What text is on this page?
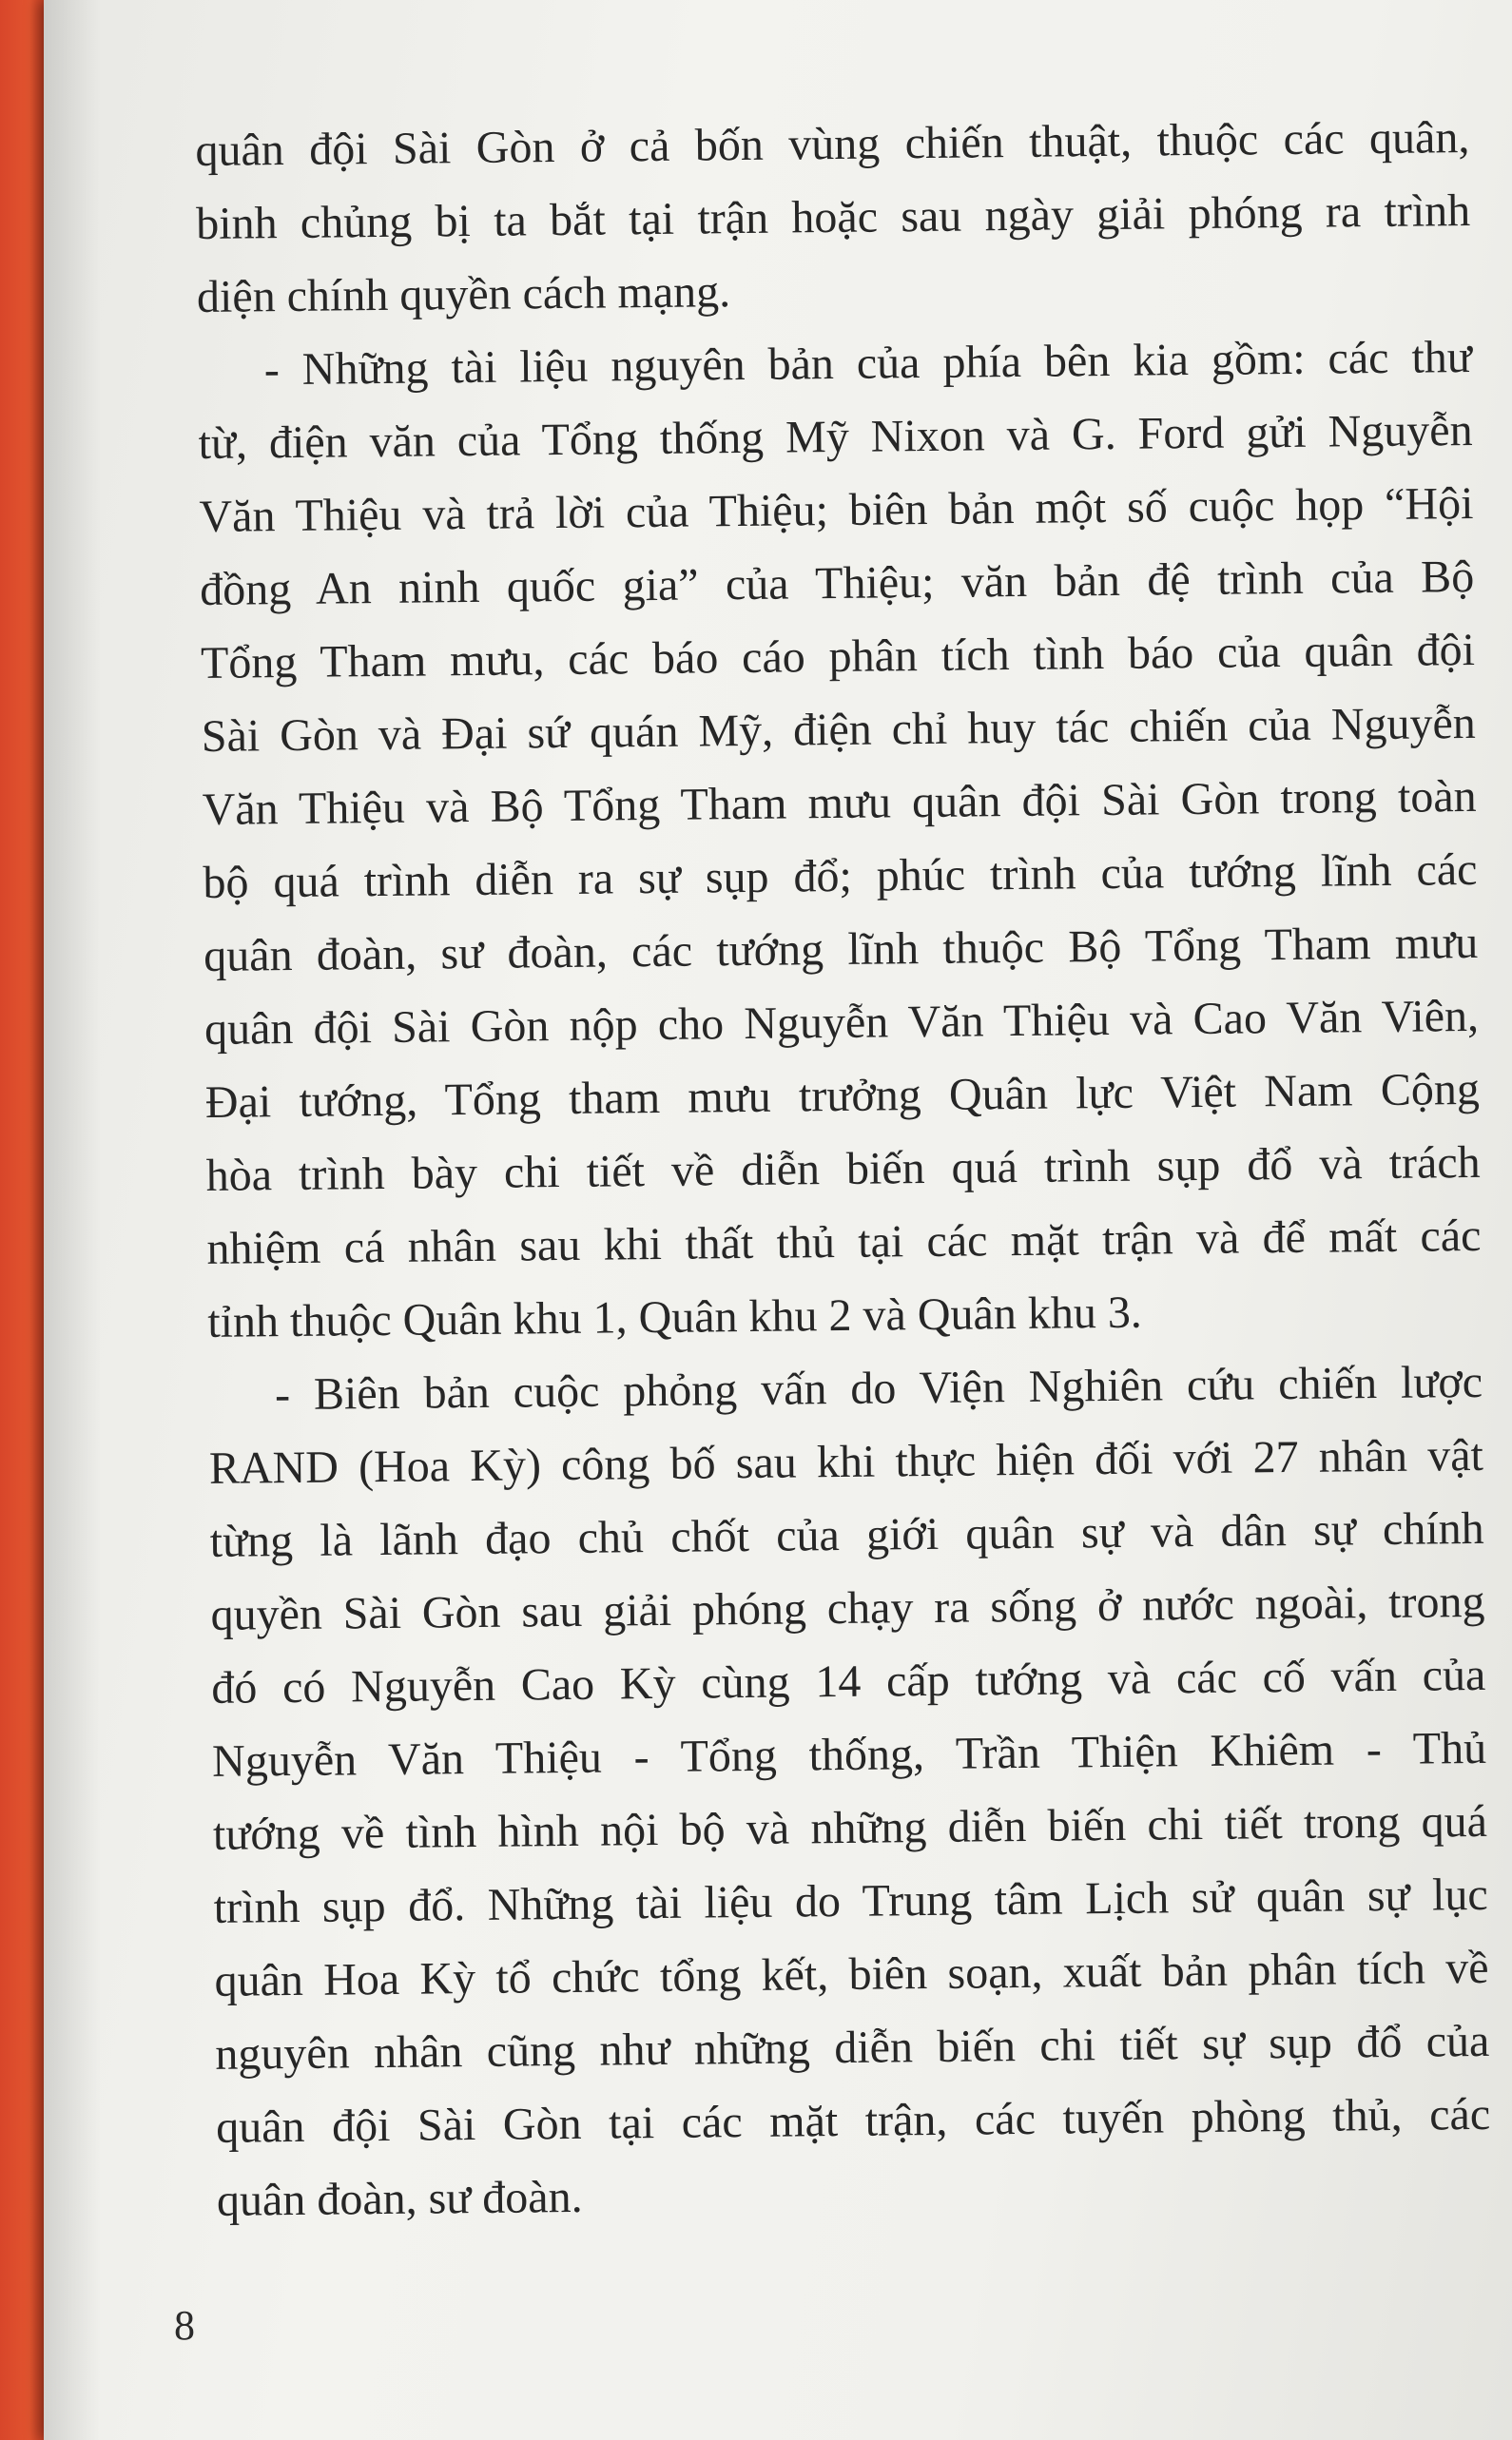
quân đội Sài Gòn ở cả bốn vùng chiến thuật, thuộc các quân,
binh chủng bị ta bắt tại trận hoặc sau ngày giải phóng ra trình
diện chính quyền cách mạng.
- Những tài liệu nguyên bản của phía bên kia gồm: các thư
từ, điện văn của Tổng thống Mỹ Nixon và G. Ford gửi Nguyễn
Văn Thiệu và trả lời của Thiệu; biên bản một số cuộc họp “Hội
đồng An ninh quốc gia” của Thiệu; văn bản đệ trình của Bộ
Tổng Tham mưu, các báo cáo phân tích tình báo của quân đội
Sài Gòn và Đại sứ quán Mỹ, điện chỉ huy tác chiến của Nguyễn
Văn Thiệu và Bộ Tổng Tham mưu quân đội Sài Gòn trong toàn
bộ quá trình diễn ra sự sụp đổ; phúc trình của tướng lĩnh các
quân đoàn, sư đoàn, các tướng lĩnh thuộc Bộ Tổng Tham mưu
quân đội Sài Gòn nộp cho Nguyễn Văn Thiệu và Cao Văn Viên,
Đại tướng, Tổng tham mưu trưởng Quân lực Việt Nam Cộng
hòa trình bày chi tiết về diễn biến quá trình sụp đổ và trách
nhiệm cá nhân sau khi thất thủ tại các mặt trận và để mất các
tỉnh thuộc Quân khu 1, Quân khu 2 và Quân khu 3.
- Biên bản cuộc phỏng vấn do Viện Nghiên cứu chiến lược
RAND (Hoa Kỳ) công bố sau khi thực hiện đối với 27 nhân vật
từng là lãnh đạo chủ chốt của giới quân sự và dân sự chính
quyền Sài Gòn sau giải phóng chạy ra sống ở nước ngoài, trong
đó có Nguyễn Cao Kỳ cùng 14 cấp tướng và các cố vấn của
Nguyễn Văn Thiệu - Tổng thống, Trần Thiện Khiêm - Thủ
tướng về tình hình nội bộ và những diễn biến chi tiết trong quá
trình sụp đổ. Những tài liệu do Trung tâm Lịch sử quân sự lục
quân Hoa Kỳ tổ chức tổng kết, biên soạn, xuất bản phân tích về
nguyên nhân cũng như những diễn biến chi tiết sự sụp đổ của
quân đội Sài Gòn tại các mặt trận, các tuyến phòng thủ, các
quân đoàn, sư đoàn.
8
